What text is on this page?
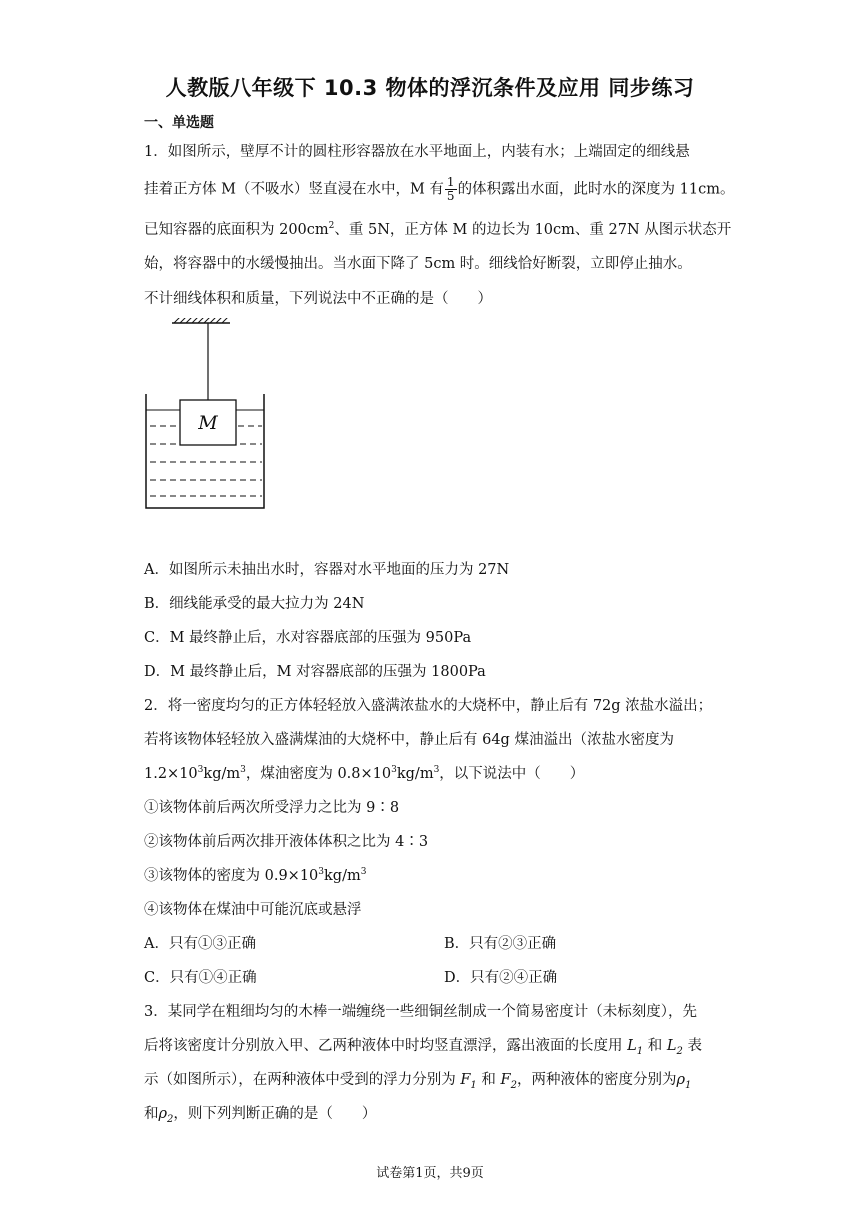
人教版八年级下 10.3 物体的浮沉条件及应用 同步练习
一、单选题
1．如图所示，壁厚不计的圆柱形容器放在水平地面上，内装有水；上端固定的细线悬
挂着正方体 M（不吸水）竖直浸在水中，M 有 $\frac{1}{5}$ 的体积露出水面，此时水的深度为 11cm。
已知容器的底面积为 $200cm^2$、重 5N，正方体 M 的边长为 10cm、重 27N 从图示状态开
始，将容器中的水缓慢抽出。当水面下降了 5cm 时。细线恰好断裂，立即停止抽水。
不计细线体积和质量，下列说法中不正确的是（　　）
M
A．如图所示未抽出水时，容器对水平地面的压力为 27N
B．细线能承受的最大拉力为 24N
C．M 最终静止后，水对容器底部的压强为 950Pa
D．M 最终静止后，M 对容器底部的压强为 1800Pa
2．将一密度均匀的正方体轻轻放入盛满浓盐水的大烧杯中，静止后有 72g 浓盐水溢出；
若将该物体轻轻放入盛满煤油的大烧杯中，静止后有 64g 煤油溢出（浓盐水密度为
$1.2\times 10^3kg/m^3$，煤油密度为 $0.8\times 10^3kg/m^3$，以下说法中（　　）
①该物体前后两次所受浮力之比为 9∶8
②该物体前后两次排开液体体积之比为 4∶3
③该物体的密度为 $0.9\times 10^3kg/m^3$
④该物体在煤油中可能沉底或悬浮
A．只有①③正确	B．只有②③正确
C．只有①④正确	D．只有②④正确
3．某同学在粗细均匀的木棒一端缠绕一些细铜丝制成一个简易密度计（未标刻度），先
后将该密度计分别放入甲、乙两种液体中时均竖直漂浮，露出液面的长度用 $L_1$ 和 $L_2$ 表
示（如图所示），在两种液体中受到的浮力分别为 $F_1$ 和 $F_2$，两种液体的密度分别为$\rho_1$
和$\rho_2$，则下列判断正确的是（　　）
试卷第1页，共9页
